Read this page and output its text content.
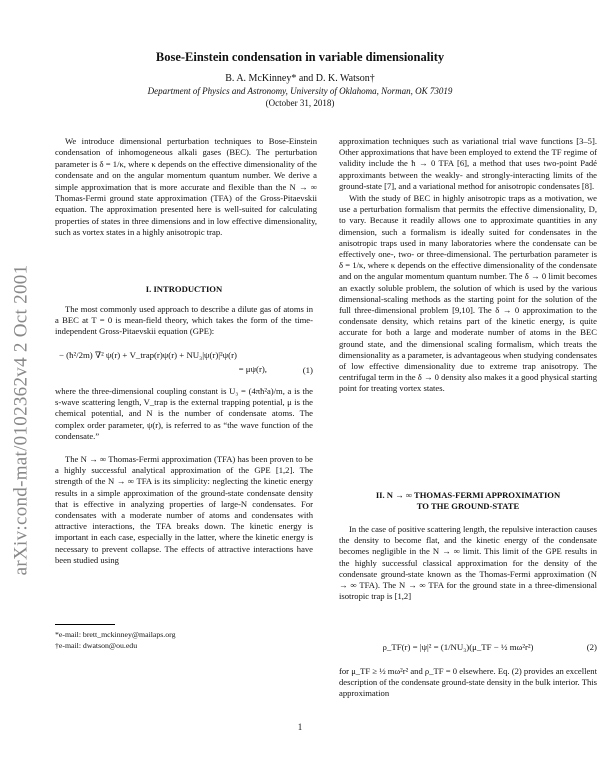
arXiv:cond-mat/0102362v4 2 Oct 2001
Bose-Einstein condensation in variable dimensionality
B. A. McKinney* and D. K. Watson†
Department of Physics and Astronomy, University of Oklahoma, Norman, OK 73019
(October 31, 2018)

We introduce dimensional perturbation techniques to Bose-Einstein condensation of inhomogeneous alkali gases (BEC). The perturbation parameter is δ = 1/κ, where κ depends on the effective dimensionality of the condensate and on the angular momentum quantum number. We derive a simple approximation that is more accurate and flexible than the N → ∞ Thomas-Fermi ground state approximation (TFA) of the Gross-Pitaevskii equation. The approximation presented here is well-suited for calculating properties of states in three dimensions and in low effective dimensionality, such as vortex states in a highly anisotropic trap.

I. INTRODUCTION

The most commonly used approach to describe a dilute gas of atoms in a BEC at T = 0 is mean-field theory, which takes the form of the time-independent Gross-Pitaevskii equation (GPE):

− (ħ²/2m) ∇² ψ(r) + V_trap(r)ψ(r) + NU₃|ψ(r)|²ψ(r)
= μψ(r),	(1)

where the three-dimensional coupling constant is U₃ = (4πħ²a)/m, a is the s-wave scattering length, V_trap is the external trapping potential, μ is the chemical potential, and N is the number of condensate atoms. The complex order parameter, ψ(r), is referred to as “the wave function of the condensate.”

The N → ∞ Thomas-Fermi approximation (TFA) has been proven to be a highly successful analytical approximation of the GPE [1,2]. The strength of the N → ∞ TFA is its simplicity: neglecting the kinetic energy results in a simple approximation of the ground-state condensate density that is effective in analyzing properties of large-N condensates. For condensates with a moderate number of atoms and condensates with attractive interactions, the TFA breaks down. The kinetic energy is important in each case, especially in the latter, where the kinetic energy is necessary to prevent collapse. The effects of attractive interactions have been studied using

approximation techniques such as variational trial wave functions [3–5]. Other approximations that have been employed to extend the TF regime of validity include the ħ → 0 TFA [6], a method that uses two-point Padé approximants between the weakly- and strongly-interacting limits of the ground-state [7], and a variational method for anisotropic condensates [8].

With the study of BEC in highly anisotropic traps as a motivation, we use a perturbation formalism that permits the effective dimensionality, D, to vary. Because it readily allows one to approximate quantities in any dimension, such a formalism is ideally suited for condensates in the anisotropic traps used in many laboratories where the condensate can be effectively one-, two- or three-dimensional. The perturbation parameter is δ = 1/κ, where κ depends on the effective dimensionality of the condensate and on the angular momentum quantum number. The δ → 0 limit becomes an exactly soluble problem, the solution of which is used by the various dimensional-scaling methods as the starting point for the solution of the full three-dimensional problem [9,10]. The δ → 0 approximation to the condensate density, which retains part of the kinetic energy, is quite accurate for both a large and moderate number of atoms in the BEC ground state, and the dimensional scaling formalism, which treats the dimensionality as a parameter, is advantageous when studying condensates of low effective dimensionality due to extreme trap anisotropy. The centrifugal term in the δ → 0 density also makes it a good physical starting point for treating vortex states.

II. N → ∞ THOMAS-FERMI APPROXIMATION
TO THE GROUND-STATE

In the case of positive scattering length, the repulsive interaction causes the density to become flat, and the kinetic energy of the condensate becomes negligible in the N → ∞ limit. This limit of the GPE results in the highly successful classical approximation for the density of the condensate ground-state known as the Thomas-Fermi approximation (N → ∞ TFA). The N → ∞ TFA for the ground state in a three-dimensional isotropic trap is [1,2]

ρ_TF(r) = |ψ|² = (1/NU₃)(μ_TF − ½ mω²r²)	(2)

for μ_TF ≥ ½ mω²r² and ρ_TF = 0 elsewhere. Eq. (2) provides an excellent description of the condensate ground-state density in the bulk interior. This approximation

*e-mail: brett_mckinney@mailaps.org
†e-mail: dwatson@ou.edu
1
